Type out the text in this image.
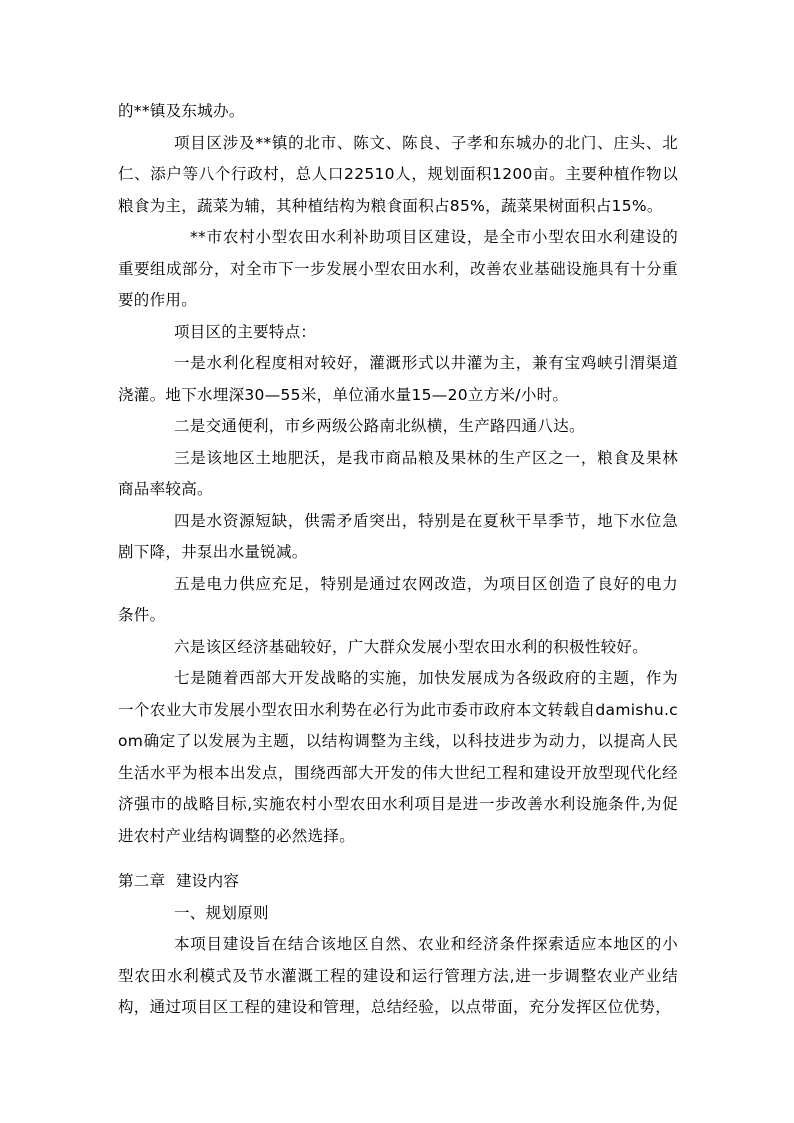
的**镇及东城办。

项目区涉及**镇的北市、陈文、陈良、子孝和东城办的北门、庄头、北仁、添户等八个行政村，总人口22510人，规划面积1200亩。主要种植作物以粮食为主，蔬菜为辅，其种植结构为粮食面积占85%，蔬菜果树面积占15%。

**市农村小型农田水利补助项目区建设，是全市小型农田水利建设的重要组成部分，对全市下一步发展小型农田水利，改善农业基础设施具有十分重要的作用。

项目区的主要特点：

一是水利化程度相对较好，灌溉形式以井灌为主，兼有宝鸡峡引渭渠道浇灌。地下水埋深30—55米，单位涌水量15—20立方米/小时。

二是交通便利，市乡两级公路南北纵横，生产路四通八达。

三是该地区土地肥沃，是我市商品粮及果林的生产区之一，粮食及果林商品率较高。

四是水资源短缺，供需矛盾突出，特别是在夏秋干旱季节，地下水位急剧下降，井泵出水量锐减。

五是电力供应充足，特别是通过农网改造，为项目区创造了良好的电力条件。

六是该区经济基础较好，广大群众发展小型农田水利的积极性较好。

七是随着西部大开发战略的实施，加快发展成为各级政府的主题，作为一个农业大市发展小型农田水利势在必行为此市委市政府本文转载自damishu.com确定了以发展为主题，以结构调整为主线，以科技进步为动力，以提高人民生活水平为根本出发点，围绕西部大开发的伟大世纪工程和建设开放型现代化经济强市的战略目标,实施农村小型农田水利项目是进一步改善水利设施条件,为促进农村产业结构调整的必然选择。

第二章 建设内容

一、规划原则

本项目建设旨在结合该地区自然、农业和经济条件探索适应本地区的小型农田水利模式及节水灌溉工程的建设和运行管理方法,进一步调整农业产业结构，通过项目区工程的建设和管理，总结经验，以点带面，充分发挥区位优势，
